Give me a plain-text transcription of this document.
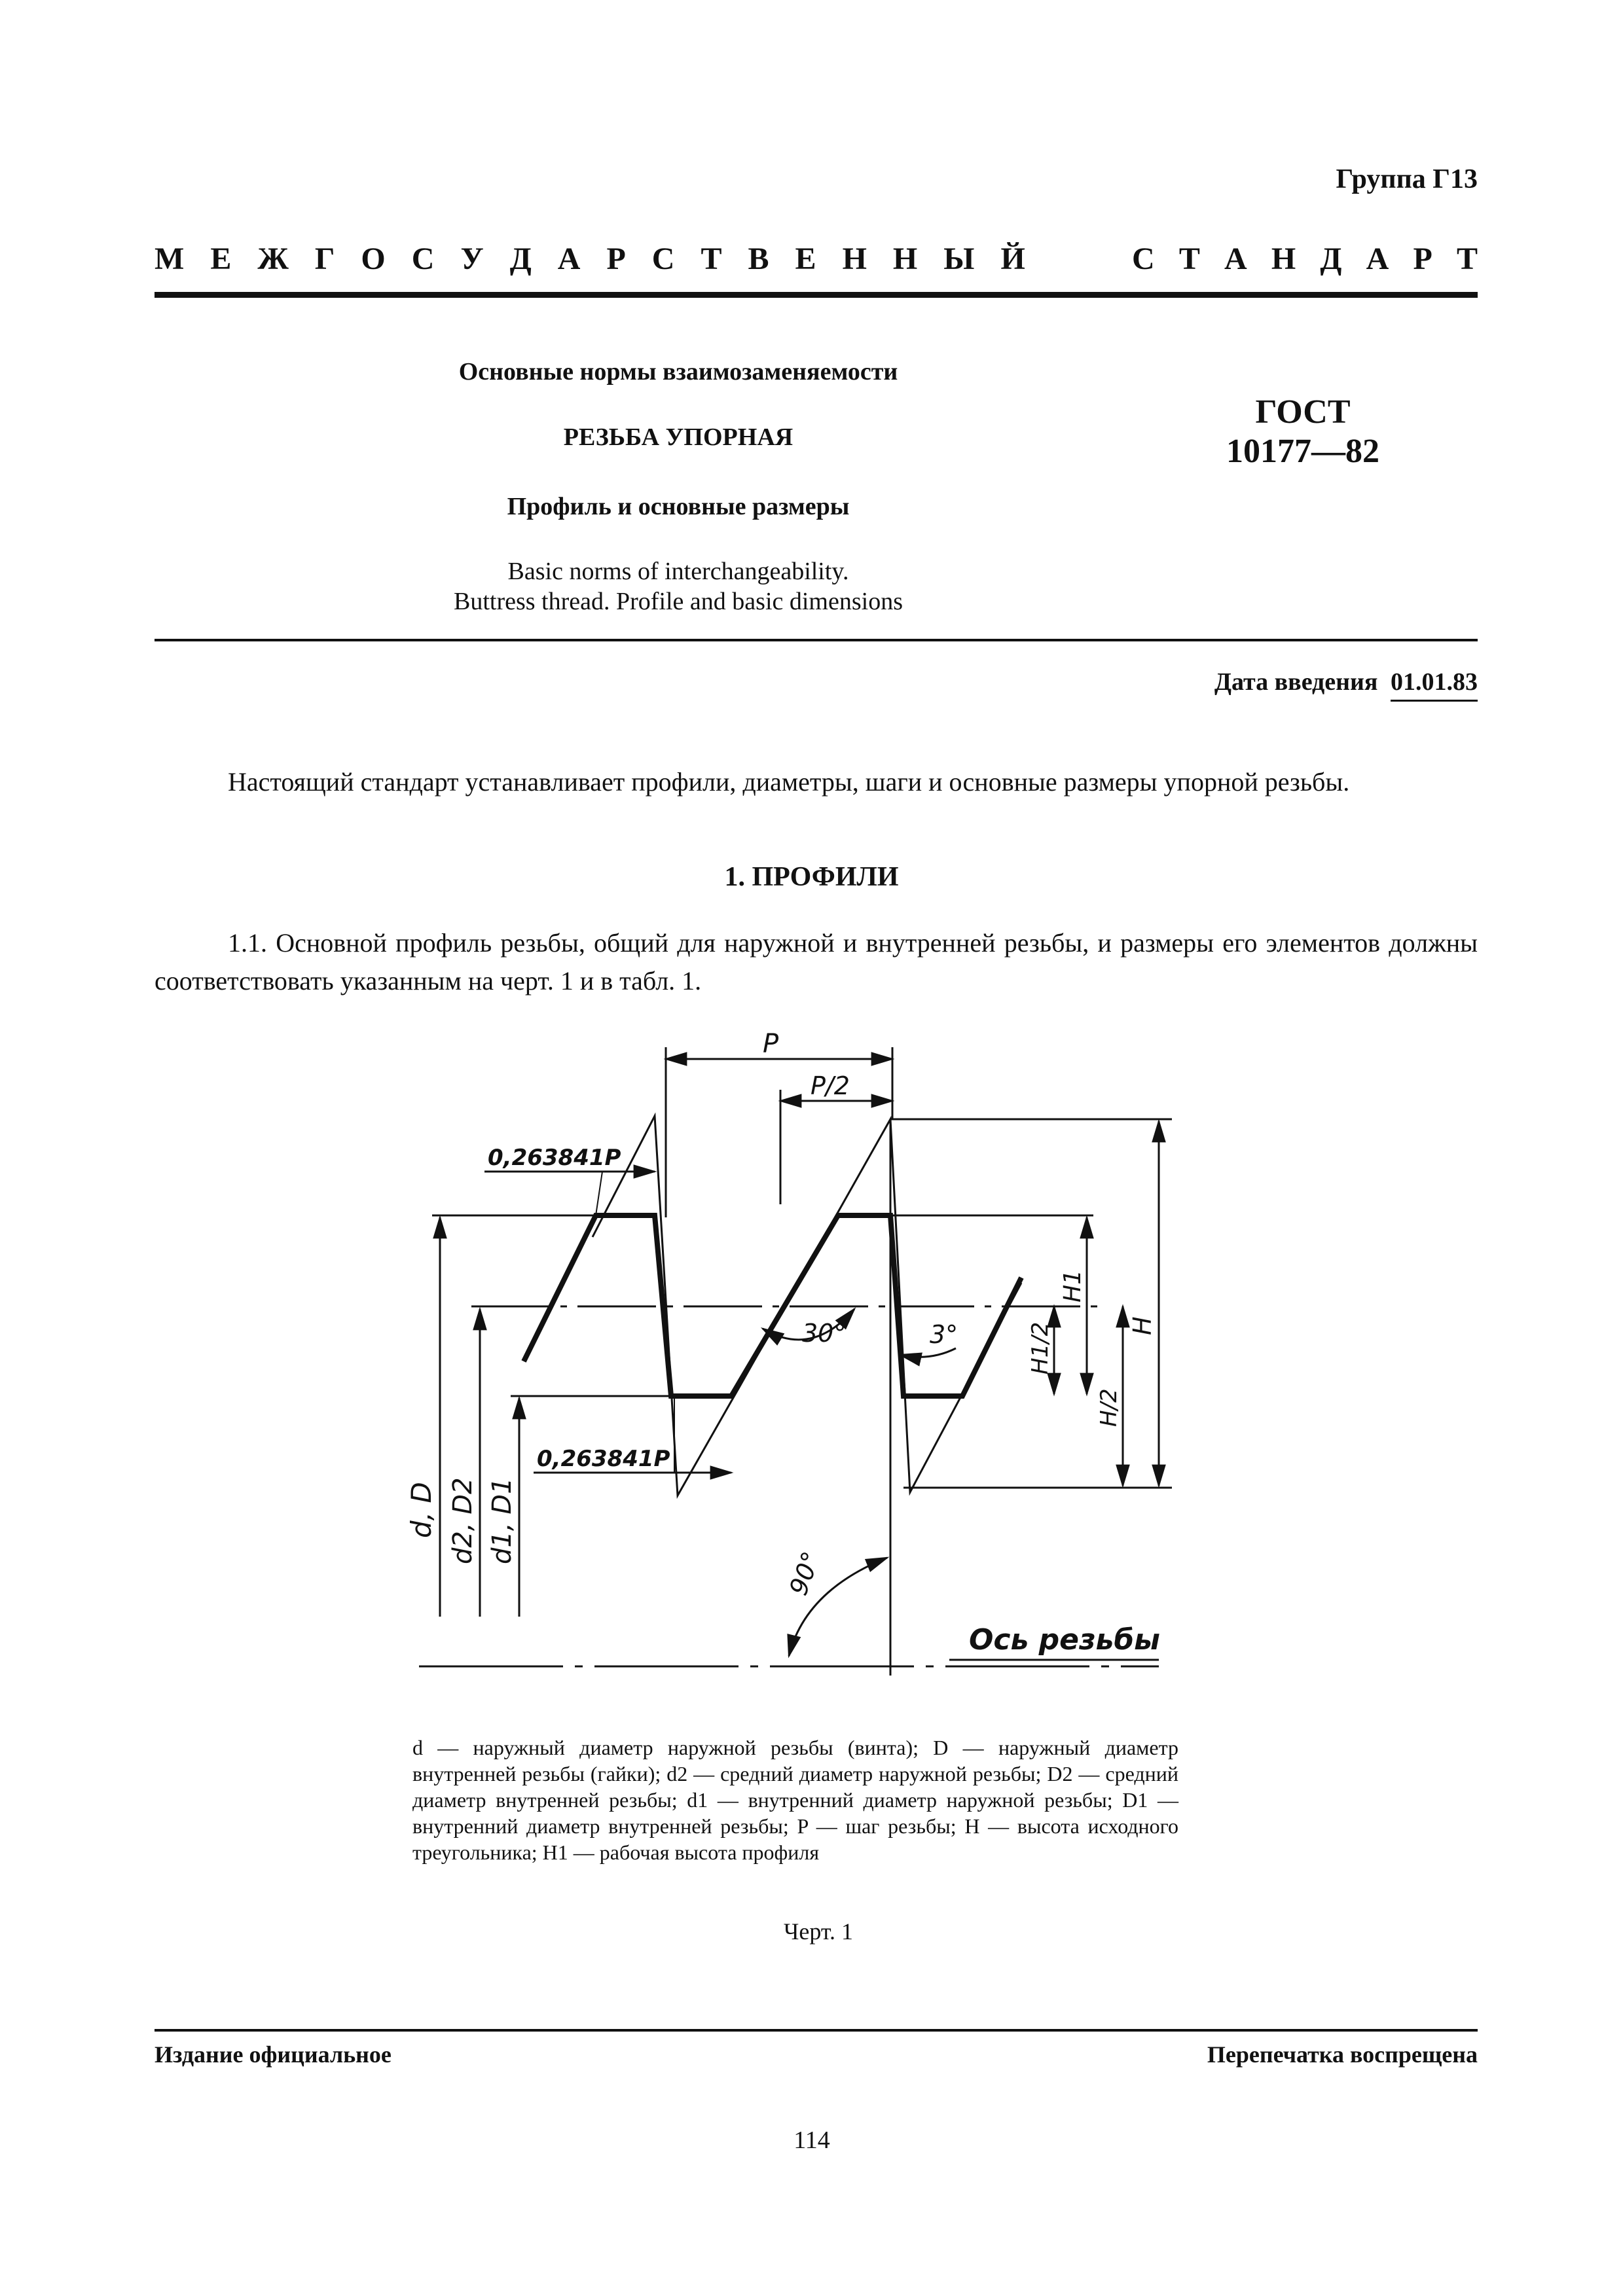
Группа Г13
М Е Ж Г О С У Д А Р С Т В Е Н Н Ы Й	С Т А Н Д А Р Т
Основные нормы взаимозаменяемости
РЕЗЬБА УПОРНАЯ
Профиль и основные размеры
Basic norms of interchangeability.
Buttress thread. Profile and basic dimensions
ГОСТ
10177—82
Дата введения 01.01.83
Настоящий стандарт устанавливает профили, диаметры, шаги и основные размеры упорной резьбы.
1. ПРОФИЛИ
1.1. Основной профиль резьбы, общий для наружной и внутренней резьбы, и размеры его элементов должны соответствовать указанным на черт. 1 и в табл. 1.
P
P/2
0,263841P
0,263841P
30°	3°
Ось резьбы
90°
d, D d2, D2 d1, D1
H1
H1/2
H/2
H
d — наружный диаметр наружной резьбы (винта); D — наружный диаметр внутренней резьбы (гайки); d2 — средний диаметр наружной резьбы; D2 — средний диаметр внутренней резьбы; d1 — внутренний диаметр наружной резьбы; D1 — внутренний диаметр внутренней резьбы; P — шаг резьбы; H — высота исходного треугольника; H1 — рабочая высота профиля
Черт. 1
Издание официальное	Перепечатка воспрещена
114
